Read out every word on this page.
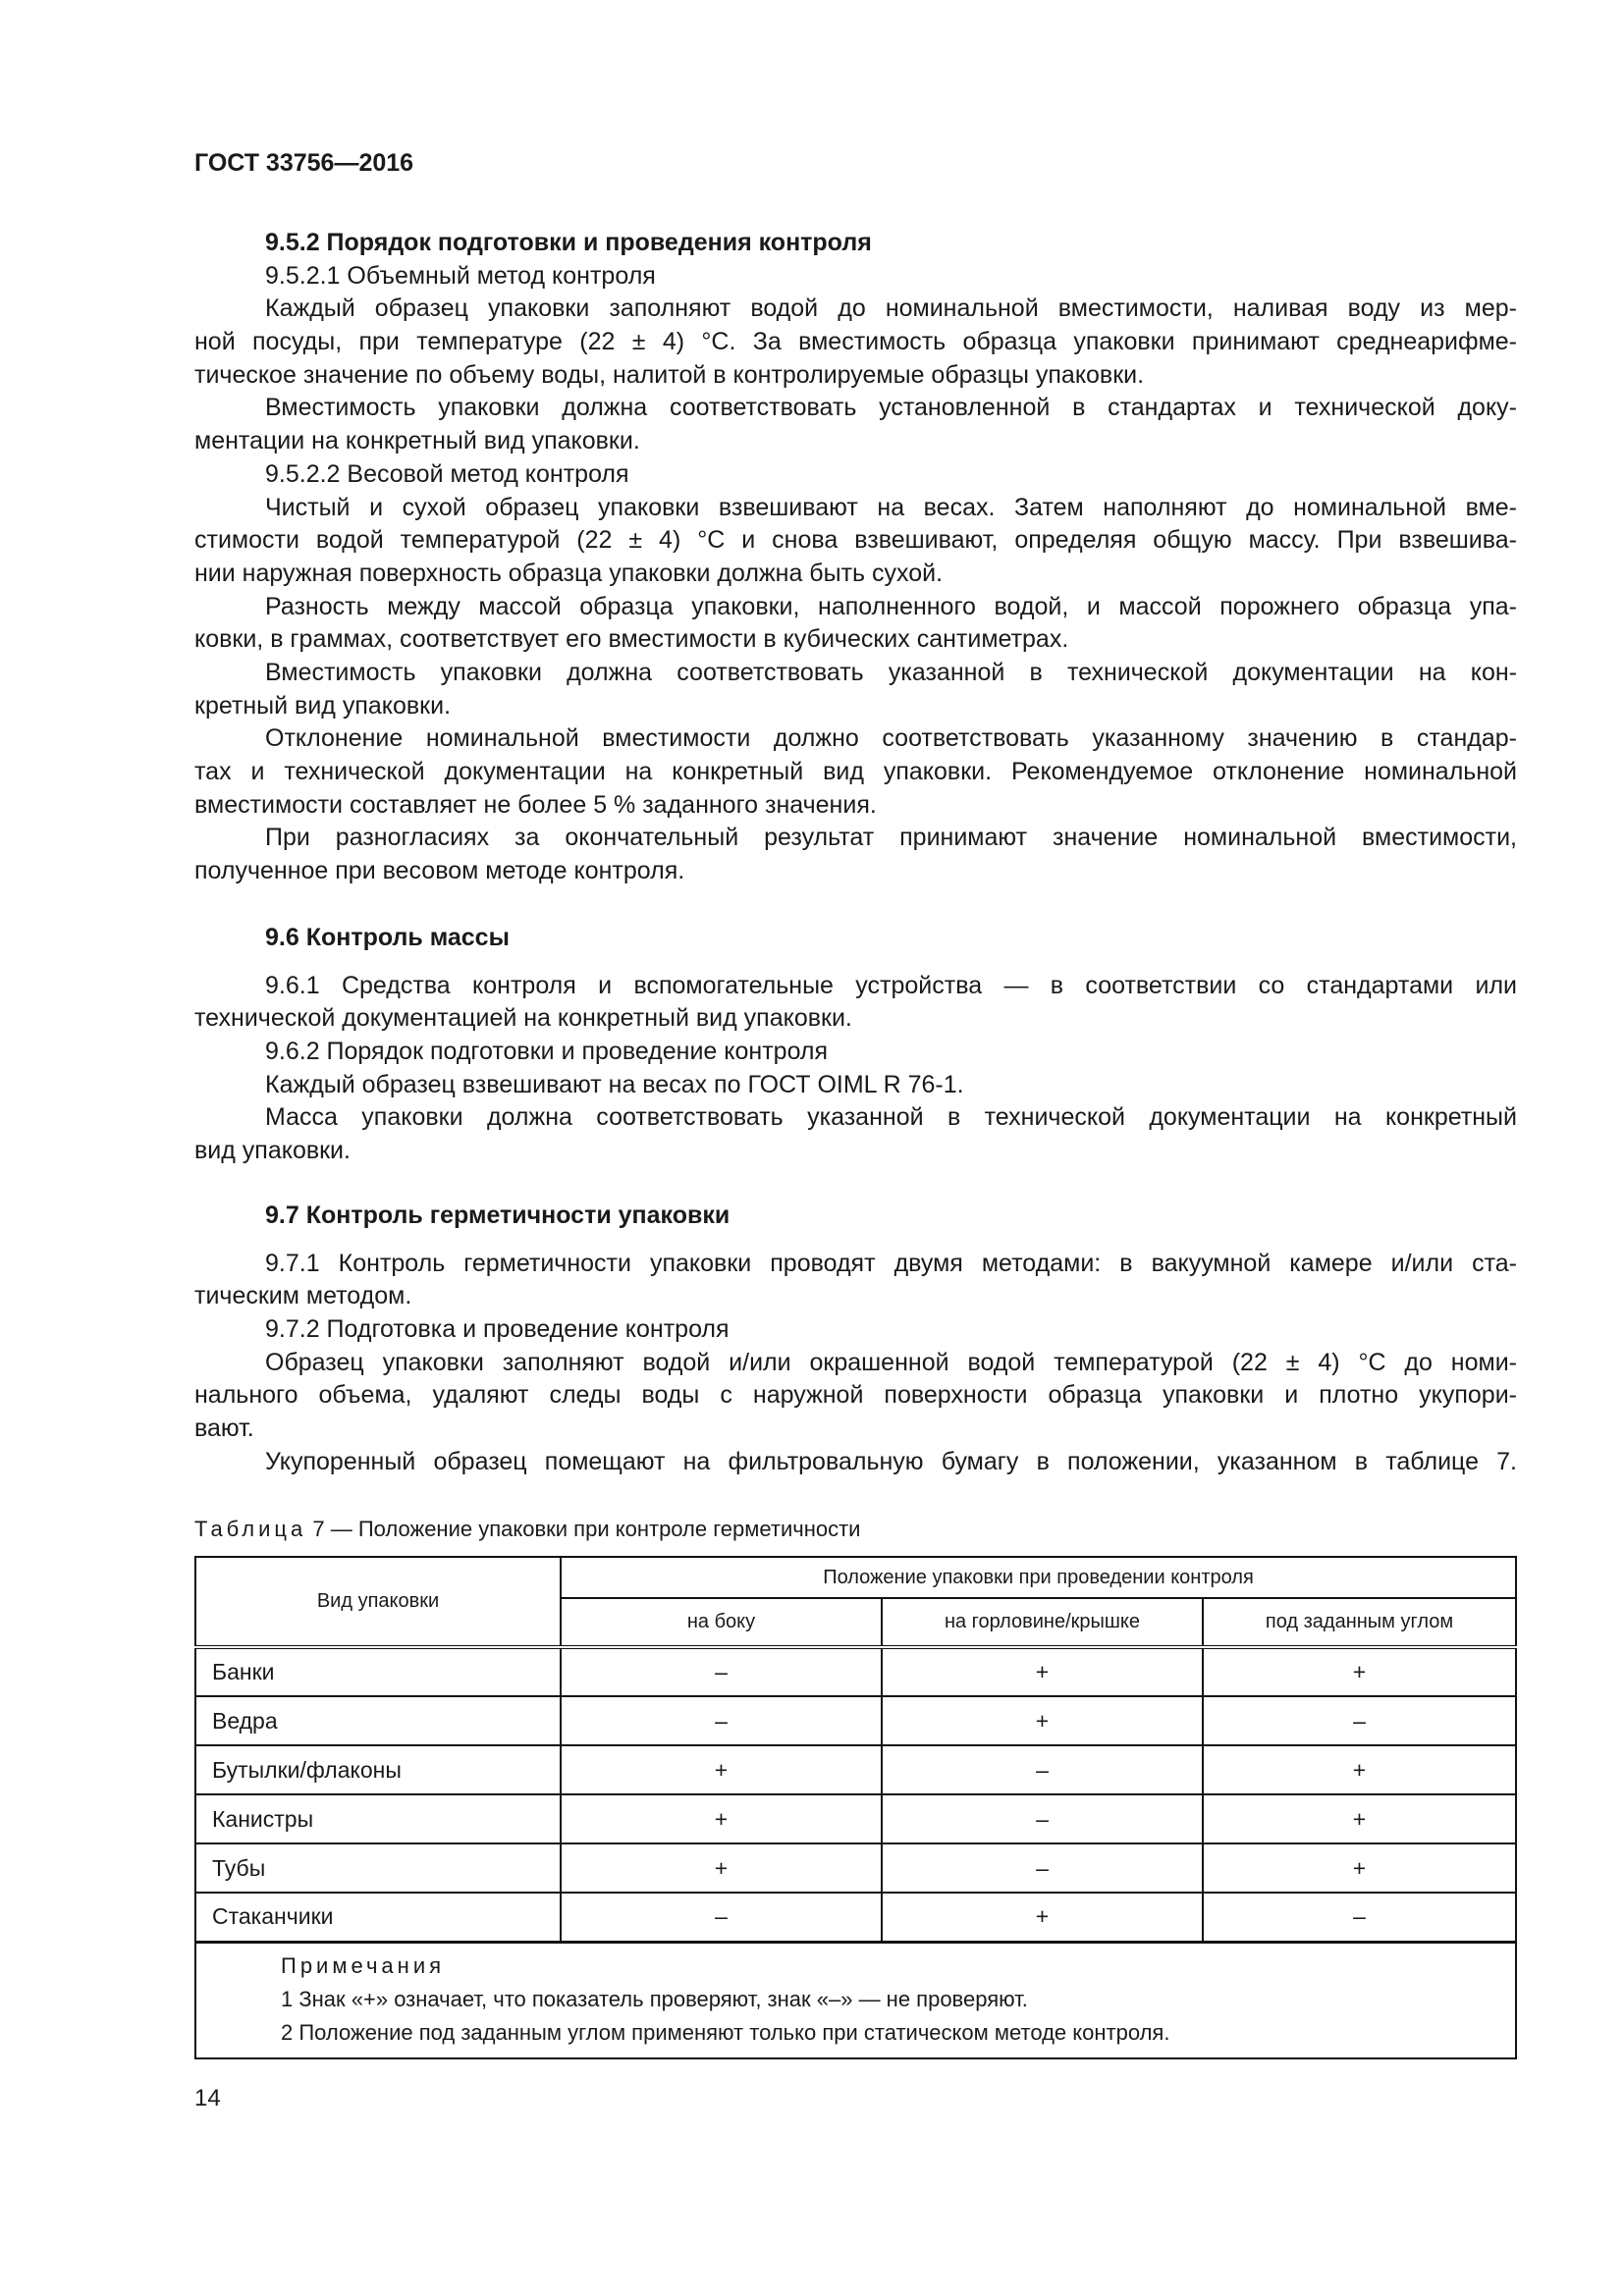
ГОСТ 33756—2016
9.5.2 Порядок подготовки и проведения контроля
9.5.2.1 Объемный метод контроля
Каждый образец упаковки заполняют водой до номинальной вместимости, наливая воду из мер-
ной посуды, при температуре (22 ± 4) °С. За вместимость образца упаковки принимают среднеарифме-
тическое значение по объему воды, налитой в контролируемые образцы упаковки.
Вместимость упаковки должна соответствовать установленной в стандартах и технической доку-
ментации на конкретный вид упаковки.
9.5.2.2 Весовой метод контроля
Чистый и сухой образец упаковки взвешивают на весах. Затем наполняют до номинальной вме-
стимости водой температурой (22 ± 4) °С и снова взвешивают, определяя общую массу. При взвешива-
нии наружная поверхность образца упаковки должна быть сухой.
Разность между массой образца упаковки, наполненного водой, и массой порожнего образца упа-
ковки, в граммах, соответствует его вместимости в кубических сантиметрах.
Вместимость упаковки должна соответствовать указанной в технической документации на кон-
кретный вид упаковки.
Отклонение номинальной вместимости должно соответствовать указанному значению в стандар-
тах и технической документации на конкретный вид упаковки. Рекомендуемое отклонение номинальной
вместимости составляет не более 5 % заданного значения.
При разногласиях за окончательный результат принимают значение номинальной вместимости,
полученное при весовом методе контроля.
9.6 Контроль массы
9.6.1 Средства контроля и вспомогательные устройства — в соответствии со стандартами или
технической документацией на конкретный вид упаковки.
9.6.2 Порядок подготовки и проведение контроля
Каждый образец взвешивают на весах по ГОСТ OIML R 76-1.
Масса упаковки должна соответствовать указанной в технической документации на конкретный
вид упаковки.
9.7 Контроль герметичности упаковки
9.7.1 Контроль герметичности упаковки проводят двумя методами: в вакуумной камере и/или ста-
тическим методом.
9.7.2 Подготовка и проведение контроля
Образец упаковки заполняют водой и/или окрашенной водой температурой (22 ± 4) °С до номи-
нального объема, удаляют следы воды с наружной поверхности образца упаковки и плотно укупори-
вают.
Укупоренный образец помещают на фильтровальную бумагу в положении, указанном в таблице 7.
Таблица 7 — Положение упаковки при контроле герметичности
Вид упаковки	Положение упаковки при проведении контроля		
	на боку	на горловине/крышке	под заданным углом
Банки	–	+	+
Ведра	–	+	–
Бутылки/флаконы	+	–	+
Канистры	+	–	+
Тубы	+	–	+
Стаканчики	–	+	–

Примечания
1 Знак «+» означает, что показатель проверяют, знак «–» — не проверяют.
2 Положение под заданным углом применяют только при статическом методе контроля.			
14
